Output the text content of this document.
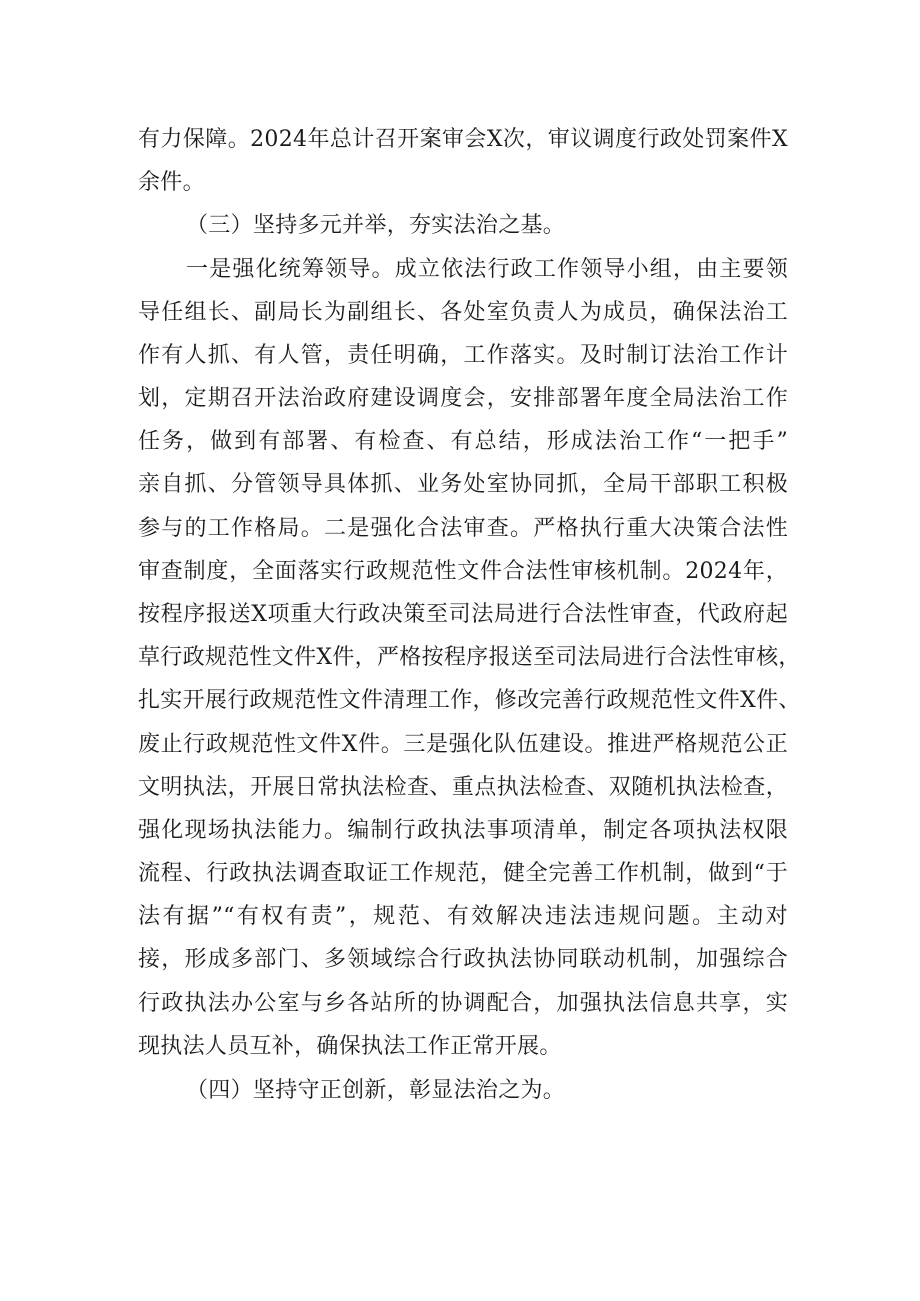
有力保障。2024年总计召开案审会X次，审议调度行政处罚案件X
余件。
（三）坚持多元并举，夯实法治之基。
一是强化统筹领导。成立依法行政工作领导小组，由主要领
导任组长、副局长为副组长、各处室负责人为成员，确保法治工
作有人抓、有人管，责任明确，工作落实。及时制订法治工作计
划，定期召开法治政府建设调度会，安排部署年度全局法治工作
任务，做到有部署、有检查、有总结，形成法治工作“一把手”
亲自抓、分管领导具体抓、业务处室协同抓，全局干部职工积极
参与的工作格局。二是强化合法审查。严格执行重大决策合法性
审查制度，全面落实行政规范性文件合法性审核机制。2024年，
按程序报送X项重大行政决策至司法局进行合法性审查，代政府起
草行政规范性文件X件，严格按程序报送至司法局进行合法性审核，
扎实开展行政规范性文件清理工作，修改完善行政规范性文件X件、
废止行政规范性文件X件。三是强化队伍建设。推进严格规范公正
文明执法，开展日常执法检查、重点执法检查、双随机执法检查，
强化现场执法能力。编制行政执法事项清单，制定各项执法权限
流程、行政执法调查取证工作规范，健全完善工作机制，做到“于
法有据”“有权有责”，规范、有效解决违法违规问题。主动对
接，形成多部门、多领域综合行政执法协同联动机制，加强综合
行政执法办公室与乡各站所的协调配合，加强执法信息共享，实
现执法人员互补，确保执法工作正常开展。
（四）坚持守正创新，彰显法治之为。
